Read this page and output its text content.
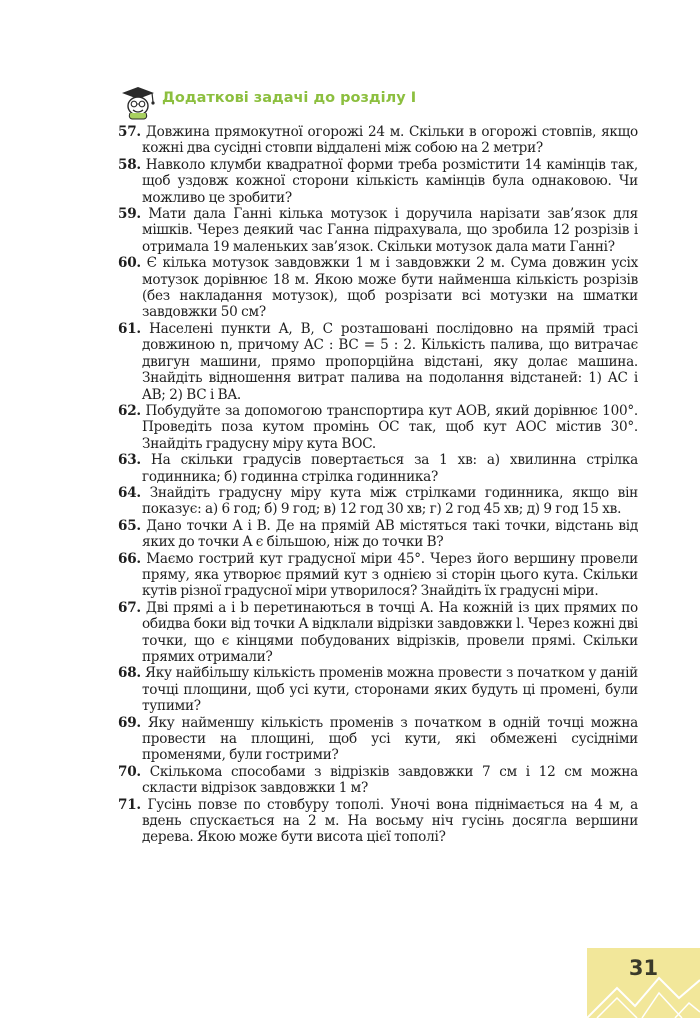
Додаткові задачі до розділу І
57. Довжина прямокутної огорожі 24 м. Скільки в огорожі стовпів, якщо кожні два сусідні стовпи віддалені між собою на 2 метри?
58. Навколо клумби квадратної форми треба розмістити 14 камінців так, щоб уздовж кожної сторони кількість камінців була однаковою. Чи можливо це зробити?
59. Мати дала Ганні кілька мотузок і доручила нарізати зав’язок для мішків. Через деякий час Ганна підрахувала, що зробила 12 розрізів і отримала 19 маленьких зав’язок. Скільки мотузок дала мати Ганні?
60. Є кілька мотузок завдовжки 1 м і завдовжки 2 м. Сума довжин усіх мотузок дорівнює 18 м. Якою може бути найменша кількість розрізів (без накладання мотузок), щоб розрізати всі мотузки на шматки завдовжки 50 см?
61. Населені пункти A, B, C розташовані послідовно на прямій трасі довжиною n, причому AC : BC = 5 : 2. Кількість палива, що витрачає двигун машини, прямо пропорційна відстані, яку долає машина. Знайдіть відношення витрат палива на подолання відстаней: 1) AC і AB; 2) BC і BA.
62. Побудуйте за допомогою транспортира кут AOB, який дорівнює 100°. Проведіть поза кутом промінь OC так, щоб кут AOC містив 30°. Знайдіть градусну міру кута BOC.
63. На скільки градусів повертається за 1 хв: а) хвилинна стрілка годинника; б) годинна стрілка годинника?
64. Знайдіть градусну міру кута між стрілками годинника, якщо він показує: а) 6 год; б) 9 год; в) 12 год 30 хв; г) 2 год 45 хв; д) 9 год 15 хв.
65. Дано точки A і B. Де на прямій AB містяться такі точки, відстань від яких до точки A є більшою, ніж до точки B?
66. Маємо гострий кут градусної міри 45°. Через його вершину провели пряму, яка утворює прямий кут з однією зі сторін цього кута. Скільки кутів різної градусної міри утворилося? Знайдіть їх градусні міри.
67. Дві прямі a і b перетинаються в точці A. На кожній із цих прямих по обидва боки від точки A відклали відрізки завдовжки l. Через кожні дві точки, що є кінцями побудованих відрізків, провели прямі. Скільки прямих отримали?
68. Яку найбільшу кількість променів можна провести з початком у даній точці площини, щоб усі кути, сторонами яких будуть ці промені, були тупими?
69. Яку найменшу кількість променів з початком в одній точці можна провести на площині, щоб усі кути, які обмежені сусідніми променями, були гострими?
70. Скількома способами з відрізків завдовжки 7 см і 12 см можна скласти відрізок завдовжки 1 м?
71. Гусінь повзе по стовбуру тополі. Уночі вона піднімається на 4 м, а вдень спускається на 2 м. На восьму ніч гусінь досягла вершини дерева. Якою може бути висота цієї тополі?
31
